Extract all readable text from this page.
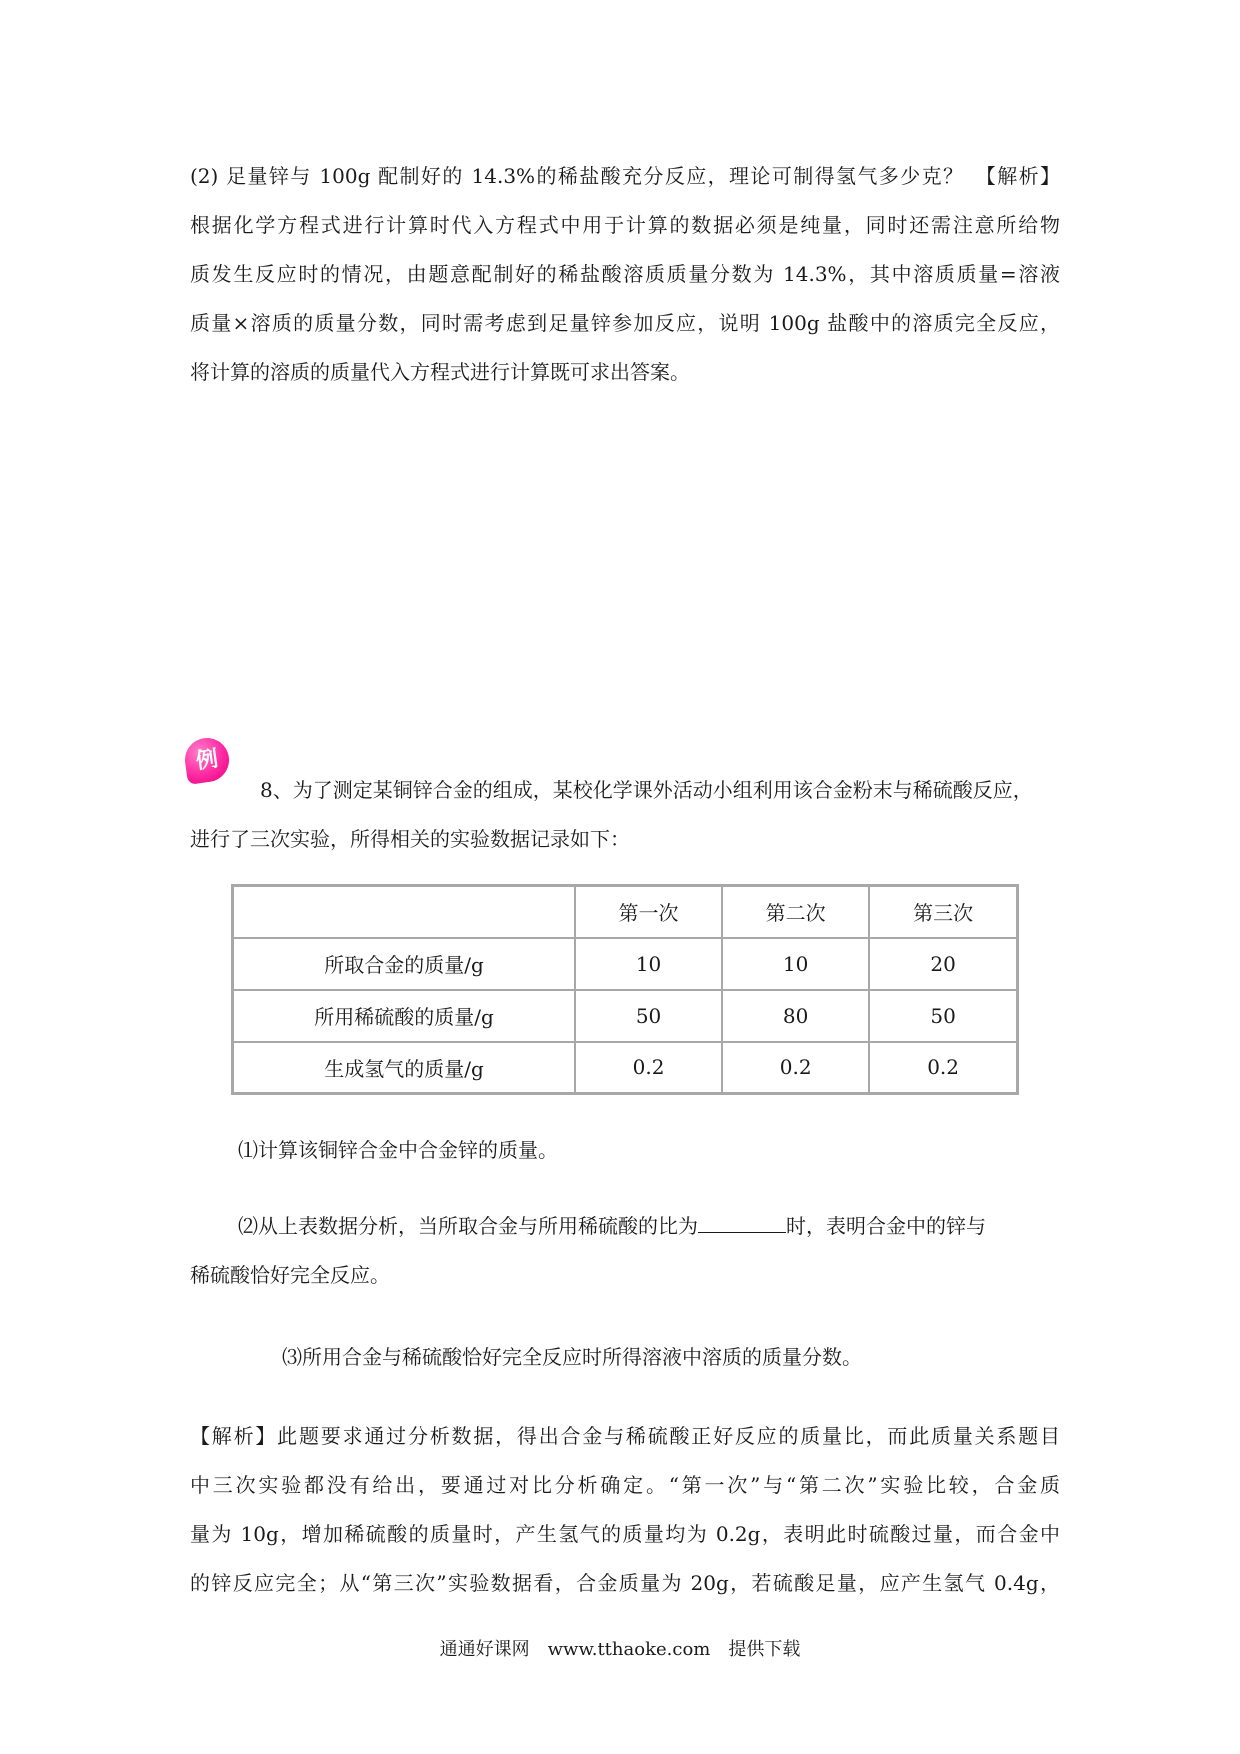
(2) 足量锌与 100g 配制好的 14.3%的稀盐酸充分反应，理论可制得氢气多少克？　【解析】
根据化学方程式进行计算时代入方程式中用于计算的数据必须是纯量，同时还需注意所给物
质发生反应时的情况，由题意配制好的稀盐酸溶质质量分数为 14.3%，其中溶质质量=溶液
质量×溶质的质量分数，同时需考虑到足量锌参加反应，说明 100g 盐酸中的溶质完全反应，
将计算的溶质的质量代入方程式进行计算既可求出答案。
例
8、为了测定某铜锌合金的组成，某校化学课外活动小组利用该合金粉末与稀硫酸反应，
进行了三次实验，所得相关的实验数据记录如下：
	第一次	第二次	第三次
所取合金的质量/g	10	10	20
所用稀硫酸的质量/g	50	80	50
生成氢气的质量/g	0.2	0.2	0.2
⑴计算该铜锌合金中合金锌的质量。
⑵从上表数据分析，当所取合金与所用稀硫酸的比为	时，表明合金中的锌与
稀硫酸恰好完全反应。
⑶所用合金与稀硫酸恰好完全反应时所得溶液中溶质的质量分数。
【解析】此题要求通过分析数据，得出合金与稀硫酸正好反应的质量比，而此质量关系题目
中三次实验都没有给出，要通过对比分析确定。“第一次”与“第二次”实验比较，合金质
量为 10g，增加稀硫酸的质量时，产生氢气的质量均为 0.2g，表明此时硫酸过量，而合金中
的锌反应完全；从“第三次”实验数据看，合金质量为 20g，若硫酸足量，应产生氢气 0.4g，
通通好课网　www.tthaoke.com　提供下载
